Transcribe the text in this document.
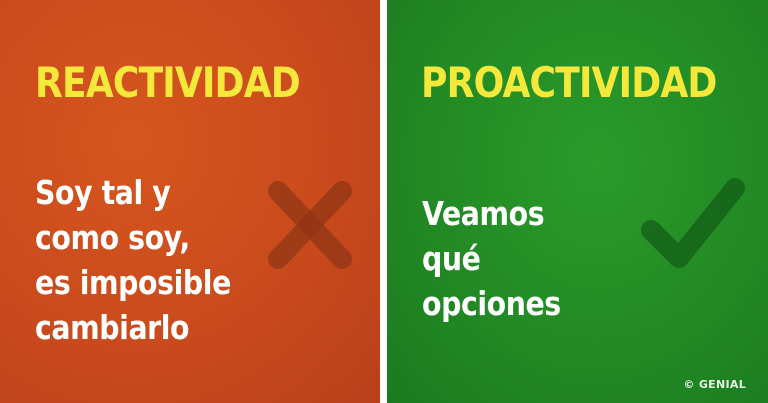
REACTIVIDAD

Soy tal y
como soy,
es imposible
cambiarlo

PROACTIVIDAD

Veamos
qué
opciones

© GENIAL
